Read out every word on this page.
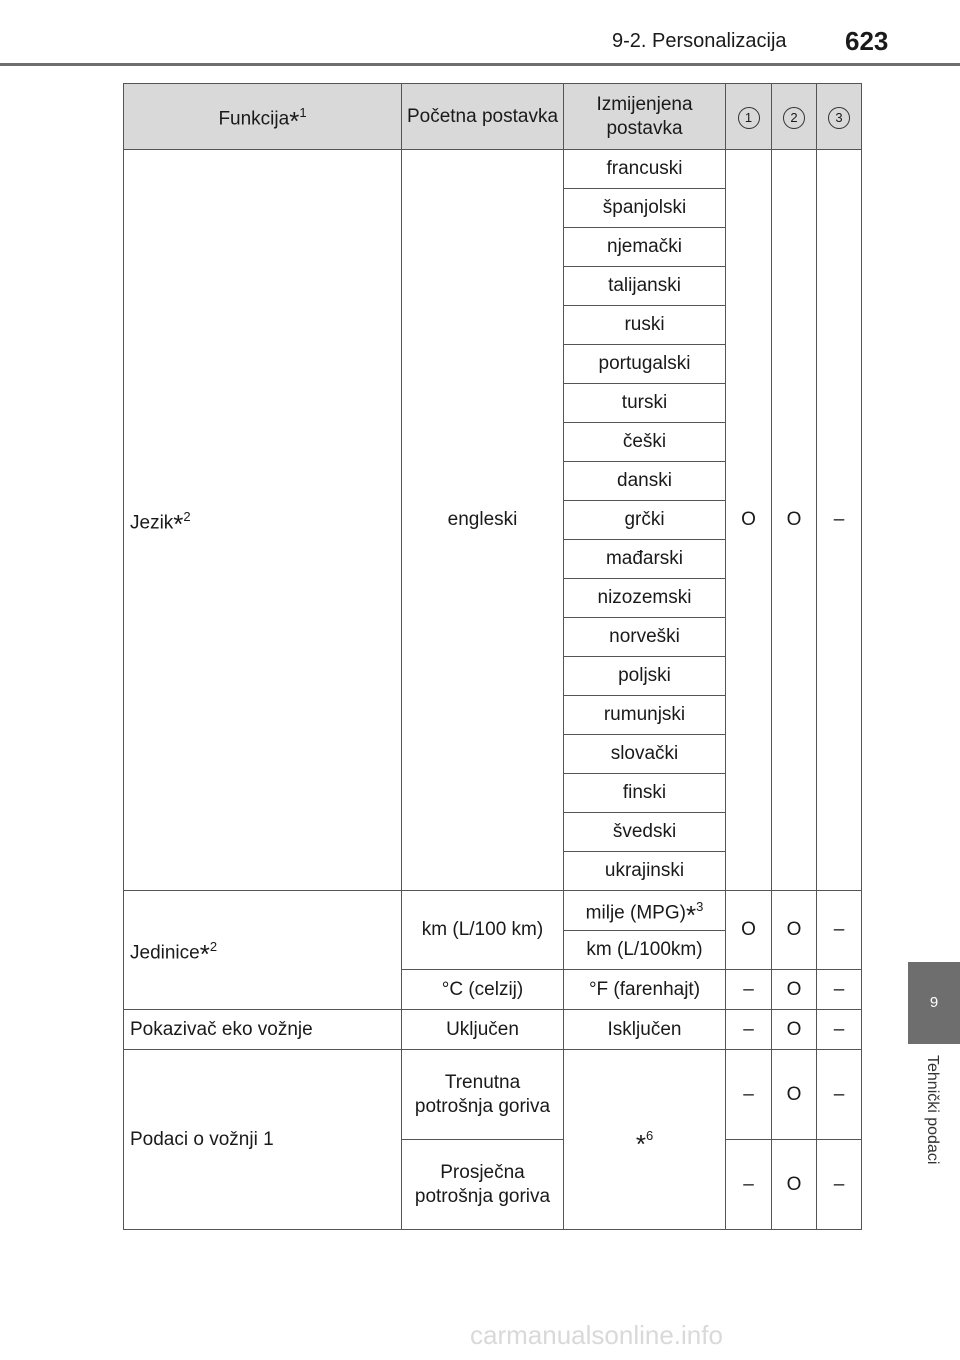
9-2. Personalizacija 623
9
Tehnički podaci
Funkcija*$^1$	Početna postavka	Izmijenjena postavka	1	2	3
Jezik*$^2$	engleski	francuski	O	O	–
		španjolski			
		njemački			
		talijanski			
		ruski			
		portugalski			
		turski			
		češki			
		danski			
		grčki			
		mađarski			
		nizozemski			
		norveški			
		poljski			
		rumunjski			
		slovački			
		finski			
		švedski			
		ukrajinski			
Jedinice*$^2$	km (L/100 km)	milje (MPG)*$^3$	O	O	–
		km (L/100km)			
	°C (celzij)	°F (farenhajt)	–	O	–
Pokazivač eko vožnje	Uključen	Isključen	–	O	–
Podaci o vožnji 1	Trenutna potrošnja goriva	*$^6$	–	O	–
	Prosječna potrošnja goriva		–	O	–
carmanualsonline.info
